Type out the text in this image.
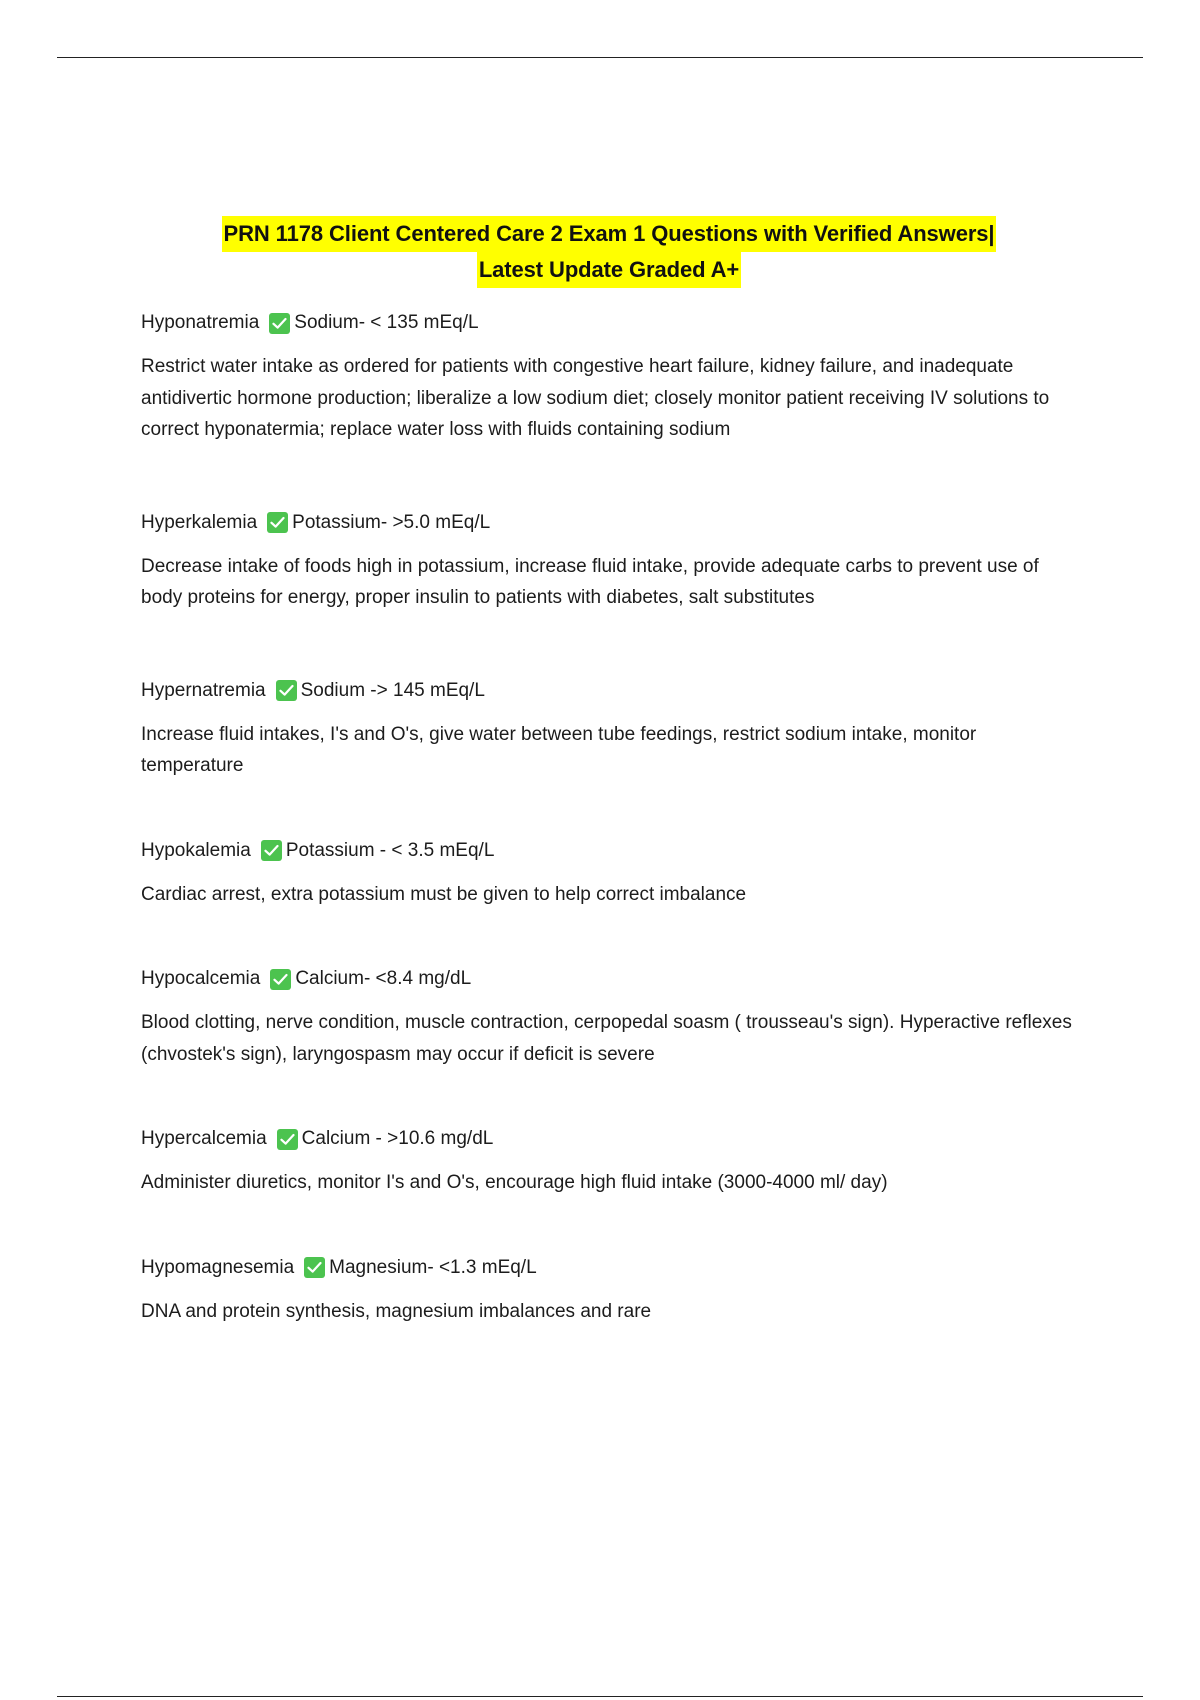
PRN 1178 Client Centered Care 2 Exam 1 Questions with Verified Answers|
Latest Update Graded A+
Hyponatremia Sodium- < 135 mEq/L

Restrict water intake as ordered for patients with congestive heart failure, kidney failure, and inadequate antidivertic hormone production; liberalize a low sodium diet; closely monitor patient receiving IV solutions to correct hyponatermia; replace water loss with fluids containing sodium

Hyperkalemia Potassium- >5.0 mEq/L

Decrease intake of foods high in potassium, increase fluid intake, provide adequate carbs to prevent use of body proteins for energy, proper insulin to patients with diabetes, salt substitutes

Hypernatremia Sodium -> 145 mEq/L

Increase fluid intakes, I's and O's, give water between tube feedings, restrict sodium intake, monitor temperature

Hypokalemia Potassium - < 3.5 mEq/L

Cardiac arrest, extra potassium must be given to help correct imbalance

Hypocalcemia Calcium- <8.4 mg/dL

Blood clotting, nerve condition, muscle contraction, cerpopedal soasm ( trousseau's sign). Hyperactive reflexes (chvostek's sign), laryngospasm may occur if deficit is severe

Hypercalcemia Calcium - >10.6 mg/dL

Administer diuretics, monitor I's and O's, encourage high fluid intake (3000-4000 ml/ day)

Hypomagnesemia Magnesium- <1.3 mEq/L

DNA and protein synthesis, magnesium imbalances and rare
